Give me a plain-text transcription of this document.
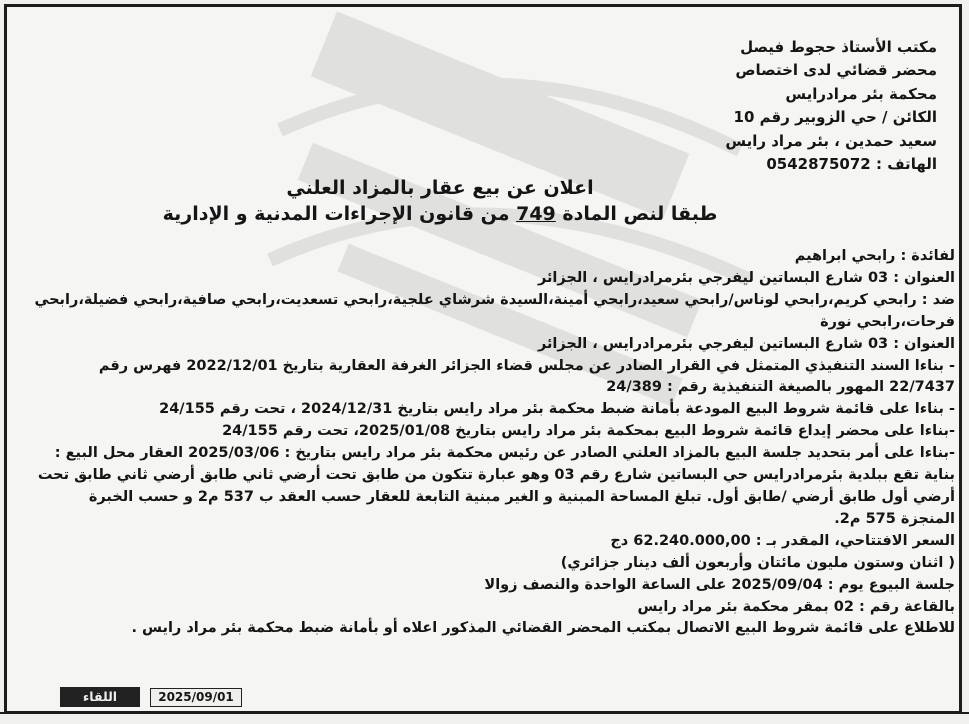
مكتب الأستاذ حجوط فيصل
محضر قضائي لدى اختصاص
محكمة بئر مرادرايس
الكائن / حي الزوبير رقم 10
سعيد حمدين ، بئر مراد رايس
الهاتف : 0542875072
اعلان عن بيع عقار بالمزاد العلني
طبقا لنص المادة 749 من قانون الإجراءات المدنية و الإدارية

لفائدة : رابحي ابراهيم

العنوان : 03 شارع البساتين ليفرجي بئرمرادرايس ، الجزائر

ضد : رابحي كريم،رابحي لوناس/رابحي سعيد،رابحي أمينة،السيدة شرشاي علجية،رابحي تسعديت،رابحي صافية،رابحي فضيلة،رابحي فرحات،رابحي نورة

العنوان : 03 شارع البساتين ليفرجي بئرمرادرايس ، الجزائر

- بناءا السند التنفيذي المتمثل في القرار الصادر عن مجلس قضاء الجزائر الغرفة العقارية بتاريخ 2022/12/01 فهرس رقم 22/7437 المهور بالصيغة التنفيذية رقم : 24/389

- بناءا على قائمة شروط البيع المودعة بأمانة ضبط محكمة بئر مراد رايس بتاريخ 2024/12/31 ، تحت رقم 24/155

-بناءا على محضر إيداع قائمة شروط البيع بمحكمة بئر مراد رايس بتاريخ 2025/01/08، تحت رقم 24/155

-بناءا على أمر بتحديد جلسة البيع بالمزاد العلني الصادر عن رئيس محكمة بئر مراد رايس بتاريخ : 2025/03/06 العقار محل البيع : بناية تقع ببلدية بئرمرادرايس حي البساتين شارع رقم 03 وهو عبارة تتكون من طابق تحت أرضي ثاني طابق أرضي ثاني طابق تحت أرضي أول طابق أرضي /طابق أول. تبلغ المساحة المبنية و الغير مبنية التابعة للعقار حسب العقد ب 537 م2 و حسب الخبرة المنجزة 575 م2.

السعر الافتتاحي، المقدر بـ : 62.240.000,00 دج

( اثنان وستون مليون مائتان وأربعون ألف دينار جزائري)

جلسة البيوع يوم : 2025/09/04 على الساعة الواحدة والنصف زوالا

بالقاعة رقم : 02 بمقر محكمة بئر مراد رايس

للاطلاع على قائمة شروط البيع الاتصال بمكتب المحضر القضائي المذكور اعلاه أو بأمانة ضبط محكمة بئر مراد رايس .

2025/09/01
اللقاء
